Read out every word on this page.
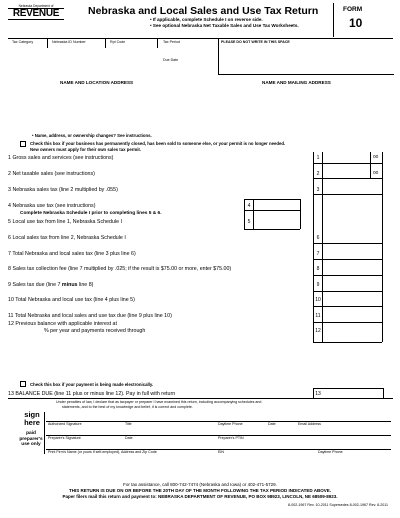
Nebraska Department of
REVENUE	Nebraska and Local Sales and Use Tax Return
• If applicable, complete Schedule I on reverse side.
• See optional Nebraska Net Taxable Sales and Use Tax Worksheets.
FORM
10
Tax Category	Nebraska ID Number	Rpt Code	Tax Period
Due Date
PLEASE DO NOT WRITE IN THIS SPACE
NAME AND LOCATION ADDRESS	NAME AND MAILING ADDRESS
• Name, address, or ownership changes? See instructions.
Check this box if your business has permanently closed, has been sold to someone else, or your permit is no longer needed.
New owners must apply for their own sales tax permit.
1 Gross sales and services (see instructions)	1	00
2 Net taxable sales (see instructions)	2	00
3 Nebraska sales tax (line 2 multiplied by .055)	3
4 Nebraska use tax (see instructions)	4
Complete Nebraska Schedule I prior to completing lines 5 & 6.
5 Local use tax from line 1, Nebraska Schedule I	5
6 Local sales tax from line 2, Nebraska Schedule I	6
7 Total Nebraska and local sales tax (line 3 plus line 6)	7
8 Sales tax collection fee (line 7 multiplied by .025; if the result is $75.00 or more, enter $75.00)	8
9 Sales tax due (line 7 minus line 8)	9
10 Total Nebraska and local use tax (line 4 plus line 5)	10
11 Total Nebraska and local sales and use tax due (line 9 plus line 10)	11
12 Previous balance with applicable interest at
% per year and payments received through	12
Check this box if your payment is being made electronically.
13 BALANCE DUE (line 11 plus or minus line 12). Pay in full with return	13
Under penalties of law, I declare that as taxpayer or preparer I have examined this return, including accompanying schedules and
statements, and to the best of my knowledge and belief, it is correct and complete.
sign here
paid preparer's use only
Authorized Signature	Title	Daytime Phone	Date	Email Address
Preparer's Signature	Date	Preparer's PTIN
Print Firm's Name (or yours if self-employed), Address and Zip Code	EIN	Daytime Phone
For tax assistance, call 800-742-7474 (Nebraska and Iowa) or 402-471-5729.
THIS RETURN IS DUE ON OR BEFORE THE 20TH DAY OF THE MONTH FOLLOWING THE TAX PERIOD INDICATED ABOVE.
Paper filers mail this return and payment to: NEBRASKA DEPARTMENT OF REVENUE, PO BOX 98923, LINCOLN, NE 68509-8923.
8-002-1967 Rev. 10-2011 Supersedes 8-002-1967 Rev. 8-2011
